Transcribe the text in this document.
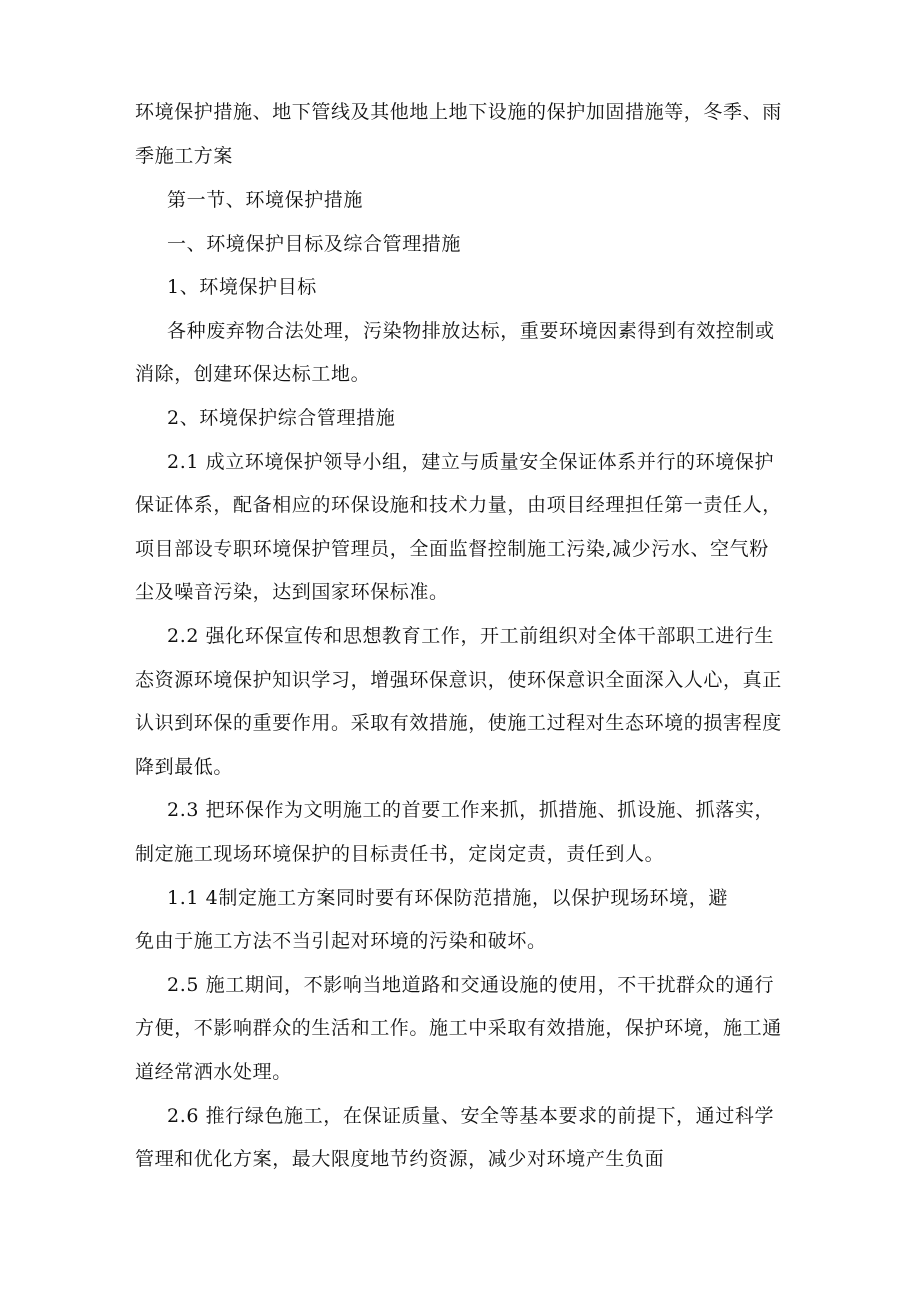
环境保护措施、地下管线及其他地上地下设施的保护加固措施等，冬季、雨
季施工方案
第一节、环境保护措施
一、环境保护目标及综合管理措施
1、环境保护目标
各种废弃物合法处理，污染物排放达标，重要环境因素得到有效控制或
消除，创建环保达标工地。
2、环境保护综合管理措施
2.1 成立环境保护领导小组，建立与质量安全保证体系并行的环境保护
保证体系，配备相应的环保设施和技术力量，由项目经理担任第一责任人，
项目部设专职环境保护管理员，全面监督控制施工污染,减少污水、空气粉
尘及噪音污染，达到国家环保标准。
2.2 强化环保宣传和思想教育工作，开工前组织对全体干部职工进行生
态资源环境保护知识学习，增强环保意识，使环保意识全面深入人心，真正
认识到环保的重要作用。采取有效措施，使施工过程对生态环境的损害程度
降到最低。
2.3 把环保作为文明施工的首要工作来抓，抓措施、抓设施、抓落实，
制定施工现场环境保护的目标责任书，定岗定责，责任到人。
1.1 4制定施工方案同时要有环保防范措施，以保护现场环境，避
免由于施工方法不当引起对环境的污染和破坏。
2.5 施工期间，不影响当地道路和交通设施的使用，不干扰群众的通行
方便，不影响群众的生活和工作。施工中采取有效措施，保护环境，施工通
道经常洒水处理。
2.6 推行绿色施工，在保证质量、安全等基本要求的前提下，通过科学
管理和优化方案，最大限度地节约资源，减少对环境产生负面
